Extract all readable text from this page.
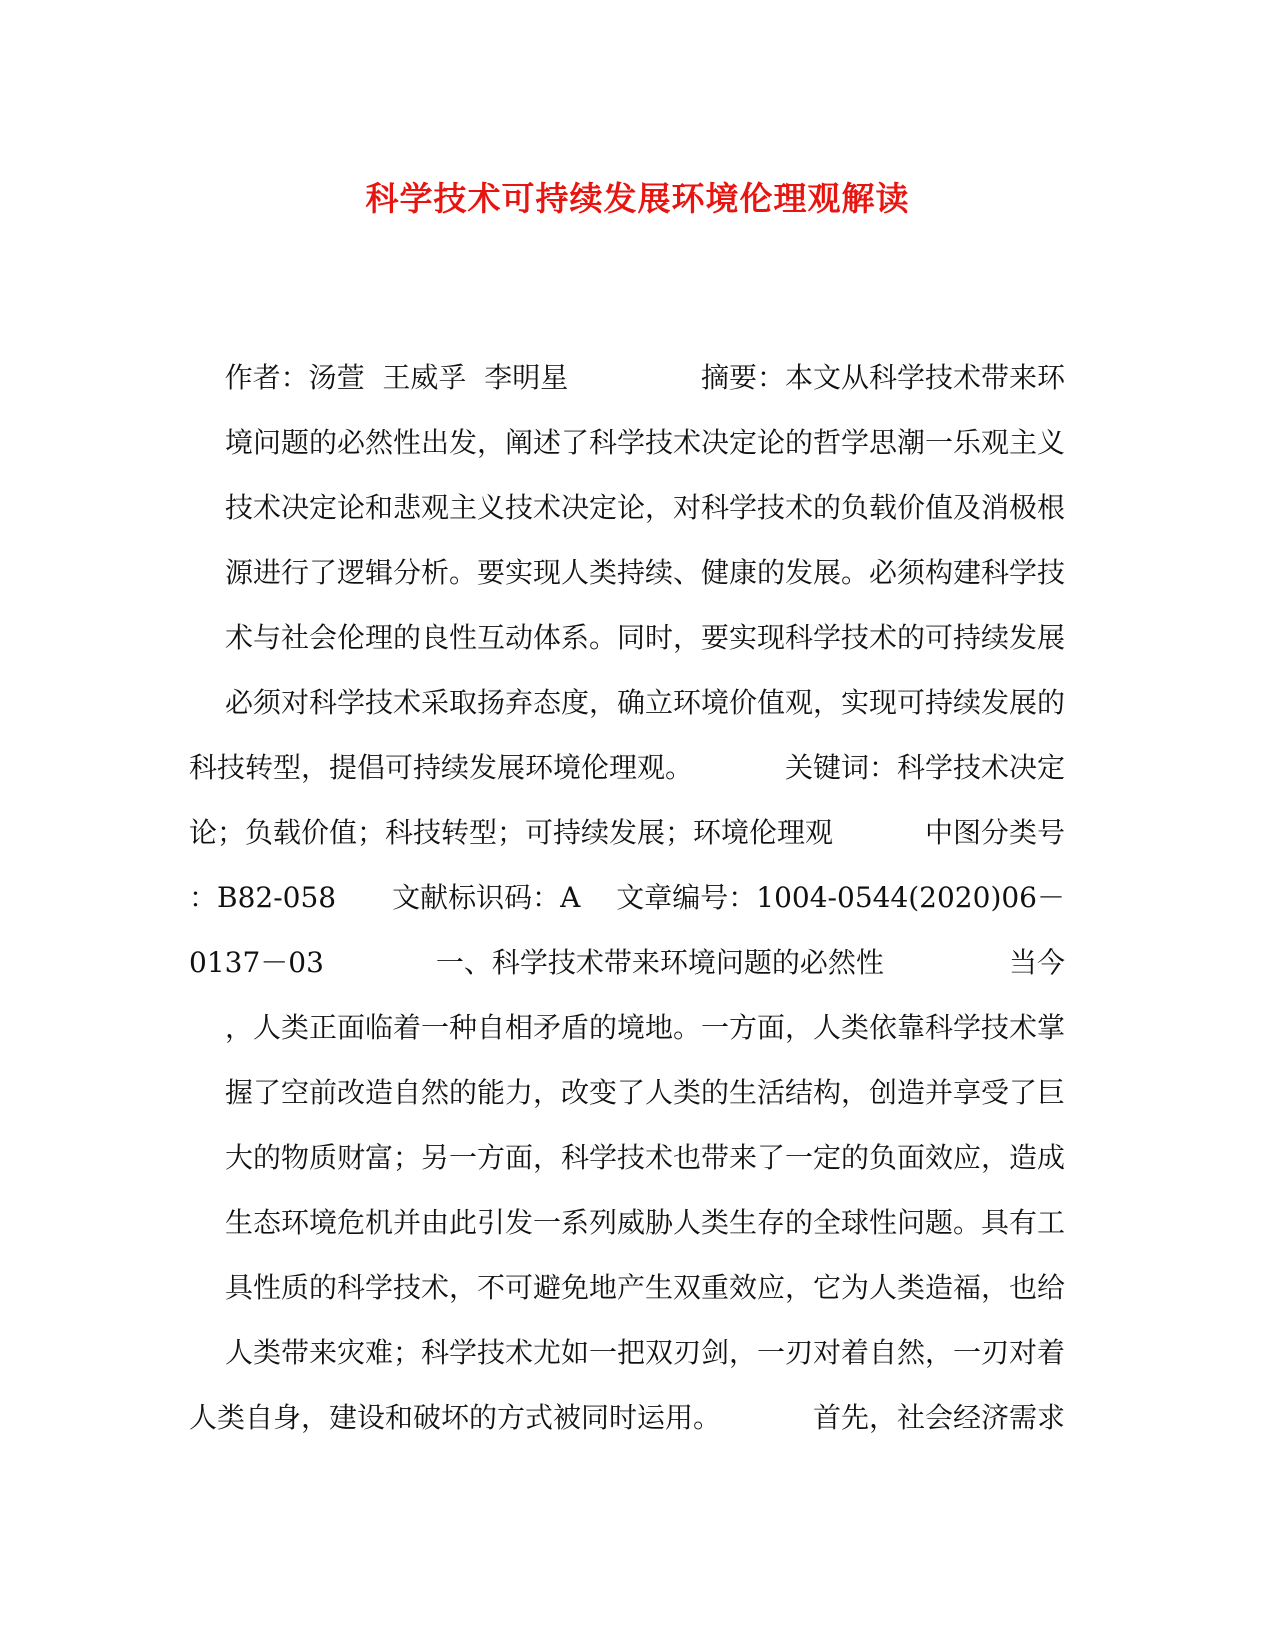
科学技术可持续发展环境伦理观解读
作者：汤萱  王威孚  李明星	摘要：本文从科学技术带来环
境问题的必然性出发，阐述了科学技术决定论的哲学思潮一乐观主义
技术决定论和悲观主义技术决定论，对科学技术的负载价值及消极根
源进行了逻辑分析。要实现人类持续、健康的发展。必须构建科学技
术与社会伦理的良性互动体系。同时，要实现科学技术的可持续发展
必须对科学技术采取扬弃态度，确立环境价值观，实现可持续发展的
科技转型，提倡可持续发展环境伦理观。	关键词：科学技术决定
论；负载价值；科技转型；可持续发展；环境伦理观	中图分类号
：B82-058 文献标识码：A 文章编号：1004-0544(2020)06－
0137－03	一、科学技术带来环境问题的必然性	当今
，人类正面临着一种自相矛盾的境地。一方面，人类依靠科学技术掌
握了空前改造自然的能力，改变了人类的生活结构，创造并享受了巨
大的物质财富；另一方面，科学技术也带来了一定的负面效应，造成
生态环境危机并由此引发一系列威胁人类生存的全球性问题。具有工
具性质的科学技术，不可避免地产生双重效应，它为人类造福，也给
人类带来灾难；科学技术尤如一把双刃剑，一刃对着自然，一刃对着
人类自身，建设和破坏的方式被同时运用。	首先，社会经济需求
